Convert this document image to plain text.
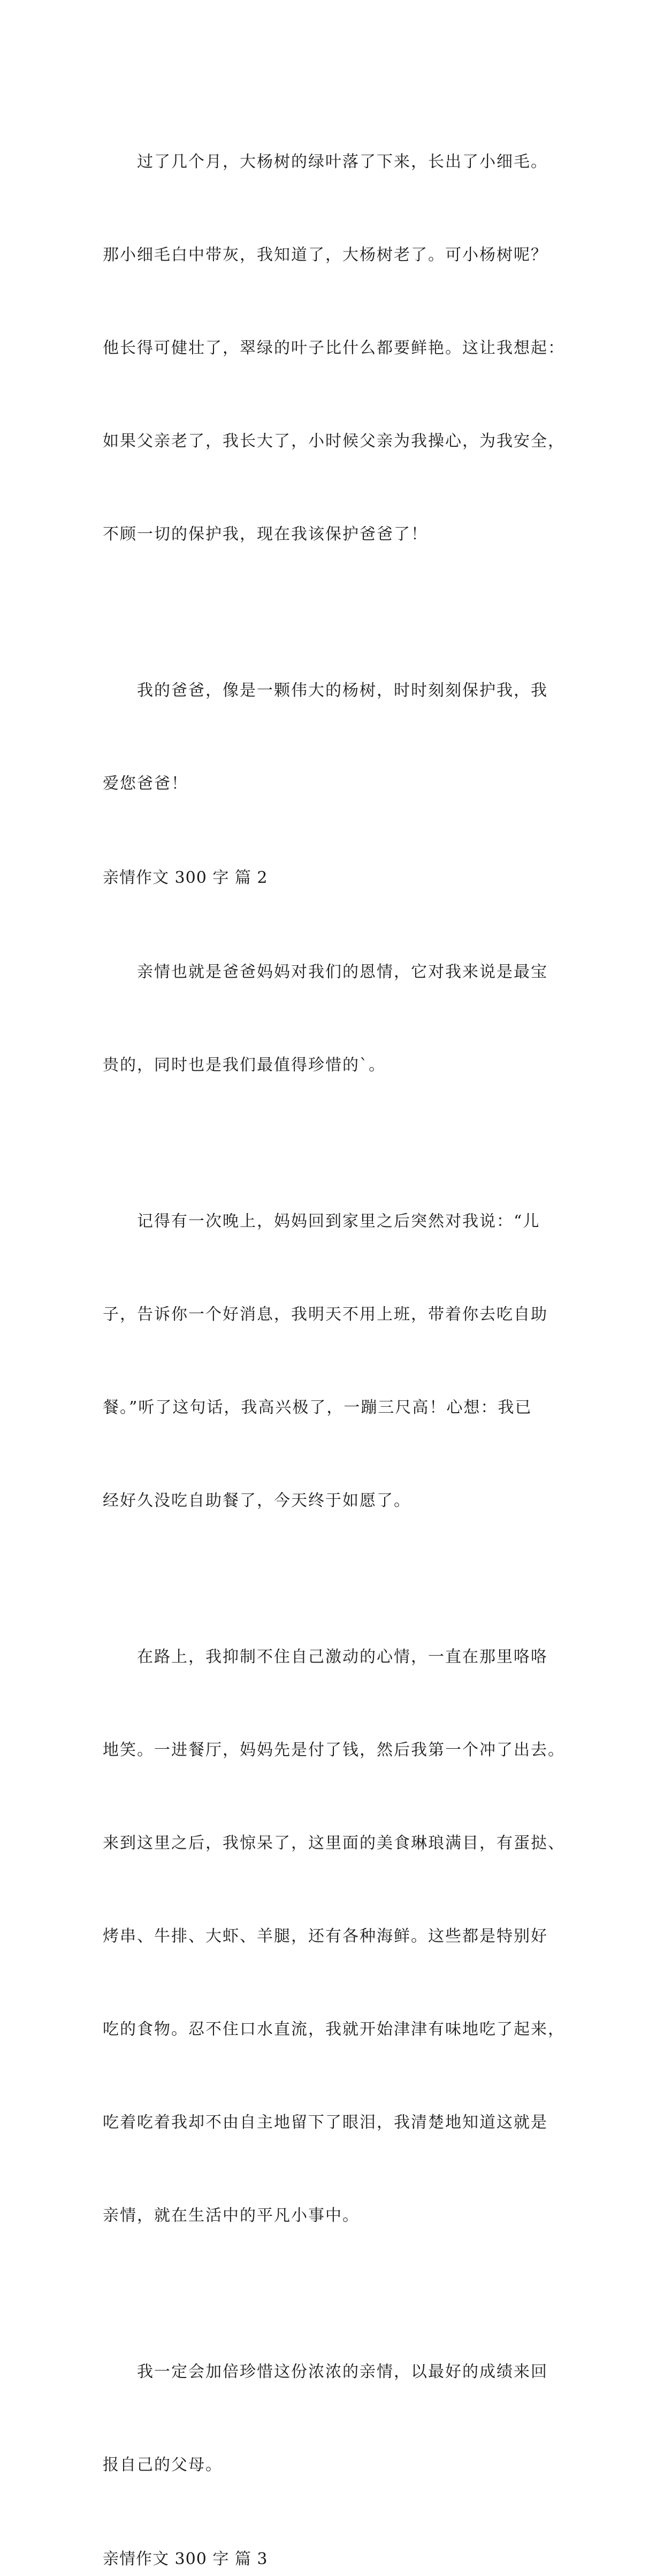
过了几个月，大杨树的绿叶落了下来，长出了小细毛。

那小细毛白中带灰，我知道了，大杨树老了。可小杨树呢？

他长得可健壮了，翠绿的叶子比什么都要鲜艳。这让我想起：

如果父亲老了，我长大了，小时候父亲为我操心，为我安全，

不顾一切的保护我，现在我该保护爸爸了！

我的爸爸，像是一颗伟大的杨树，时时刻刻保护我，我

爱您爸爸！

亲情作文 300 字 篇 2

亲情也就是爸爸妈妈对我们的恩情，它对我来说是最宝

贵的，同时也是我们最值得珍惜的`。

记得有一次晚上，妈妈回到家里之后突然对我说：“儿

子，告诉你一个好消息，我明天不用上班，带着你去吃自助

餐。”听了这句话，我高兴极了，一蹦三尺高！心想：我已

经好久没吃自助餐了，今天终于如愿了。

在路上，我抑制不住自己激动的心情，一直在那里咯咯

地笑。一进餐厅，妈妈先是付了钱，然后我第一个冲了出去。

来到这里之后，我惊呆了，这里面的美食琳琅满目，有蛋挞、

烤串、牛排、大虾、羊腿，还有各种海鲜。这些都是特别好

吃的食物。忍不住口水直流，我就开始津津有味地吃了起来，

吃着吃着我却不由自主地留下了眼泪，我清楚地知道这就是

亲情，就在生活中的平凡小事中。

我一定会加倍珍惜这份浓浓的亲情，以最好的成绩来回

报自己的父母。

亲情作文 300 字 篇 3
